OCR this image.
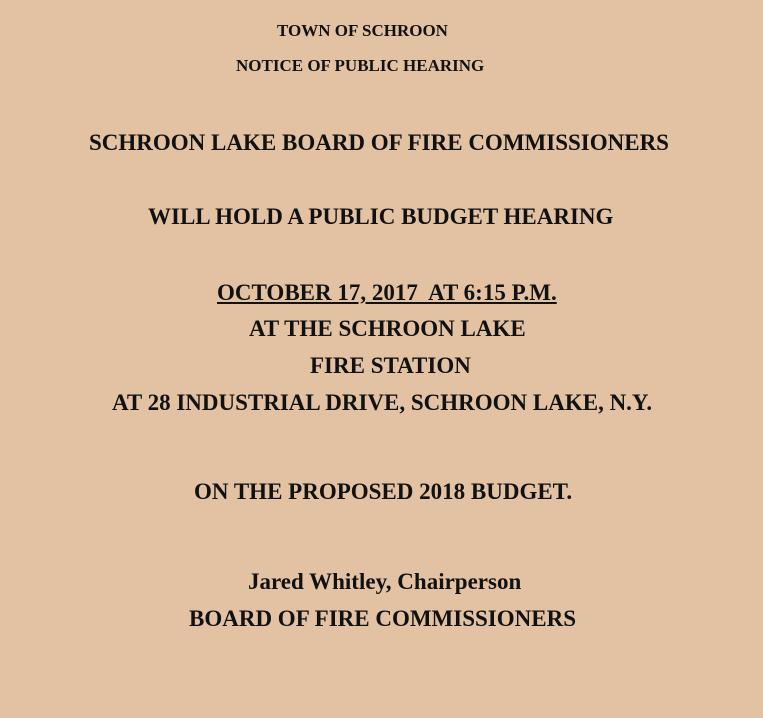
TOWN OF SCHROON
NOTICE OF PUBLIC HEARING
SCHROON LAKE BOARD OF FIRE COMMISSIONERS
WILL HOLD A PUBLIC BUDGET HEARING
OCTOBER 17, 2017  AT 6:15 P.M.
AT THE SCHROON LAKE
FIRE STATION
AT 28 INDUSTRIAL DRIVE, SCHROON LAKE, N.Y.
ON THE PROPOSED 2018 BUDGET.
Jared Whitley, Chairperson
BOARD OF FIRE COMMISSIONERS
